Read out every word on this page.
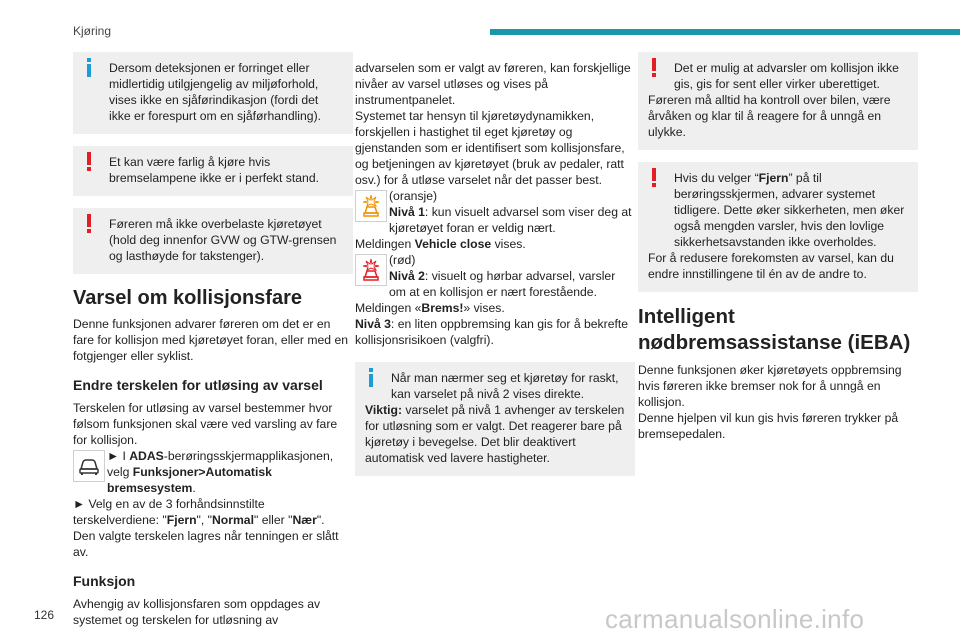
Kjøring

Dersom deteksjonen er forringet eller midlertidig utilgjengelig av miljøforhold, vises ikke en sjåførindikasjon (fordi det ikke er forespurt om en sjåførhandling).

Et kan være farlig å kjøre hvis bremselampene ikke er i perfekt stand.

Føreren må ikke overbelaste kjøretøyet (hold deg innenfor GVW og GTW-grensen og lasthøyde for takstenger).

Varsel om kollisjonsfare

Denne funksjonen advarer føreren om det er en fare for kollisjon med kjøretøyet foran, eller med en fotgjenger eller syklist.

Endre terskelen for utløsing av varsel

Terskelen for utløsing av varsel bestemmer hvor følsom funksjonen skal være ved varsling av fare for kollisjon.

► I ADAS-berøringsskjermapplikasjonen, velg Funksjoner>Automatisk bremsesystem.

► Velg en av de 3 forhåndsinnstilte terskelverdiene: "Fjern", "Normal" eller "Nær".

Den valgte terskelen lagres når tenningen er slått av.

Funksjon

Avhengig av kollisjonsfaren som oppdages av systemet og terskelen for utløsning av

advarselen som er valgt av føreren, kan forskjellige nivåer av varsel utløses og vises på instrumentpanelet.

Systemet tar hensyn til kjøretøydynamikken, forskjellen i hastighet til eget kjøretøy og gjenstanden som er identifisert som kollisjonsfare, og betjeningen av kjøretøyet (bruk av pedaler, ratt osv.) for å utløse varselet når det passer best.

(oransje)

Nivå 1: kun visuelt advarsel som viser deg at kjøretøyet foran er veldig nært.

Meldingen Vehicle close vises.

(rød)

Nivå 2: visuelt og hørbar advarsel, varsler om at en kollisjon er nært forestående.

Meldingen «Brems!» vises.

Nivå 3: en liten oppbremsing kan gis for å bekrefte kollisjonsrisikoen (valgfri).

Når man nærmer seg et kjøretøy for raskt, kan varselet på nivå 2 vises direkte.

Viktig: varselet på nivå 1 avhenger av terskelen for utløsning som er valgt. Det reagerer bare på kjøretøy i bevegelse. Det blir deaktivert automatisk ved lavere hastigheter.

Det er mulig at advarsler om kollisjon ikke gis, gis for sent eller virker uberettiget.

Føreren må alltid ha kontroll over bilen, være årvåken og klar til å reagere for å unngå en ulykke.

Hvis du velger “Fjern” på til berøringsskjermen, advarer systemet tidligere. Dette øker sikkerheten, men øker også mengden varsler, hvis den lovlige sikkerhetsavstanden ikke overholdes.

For å redusere forekomsten av varsel, kan du endre innstillingene til én av de andre to.

Intelligent nødbremsassistanse (iEBA)

Denne funksjonen øker kjøretøyets oppbremsing hvis føreren ikke bremser nok for å unngå en kollisjon.

Denne hjelpen vil kun gis hvis føreren trykker på bremsepedalen.

126	carmanualsonline.info
